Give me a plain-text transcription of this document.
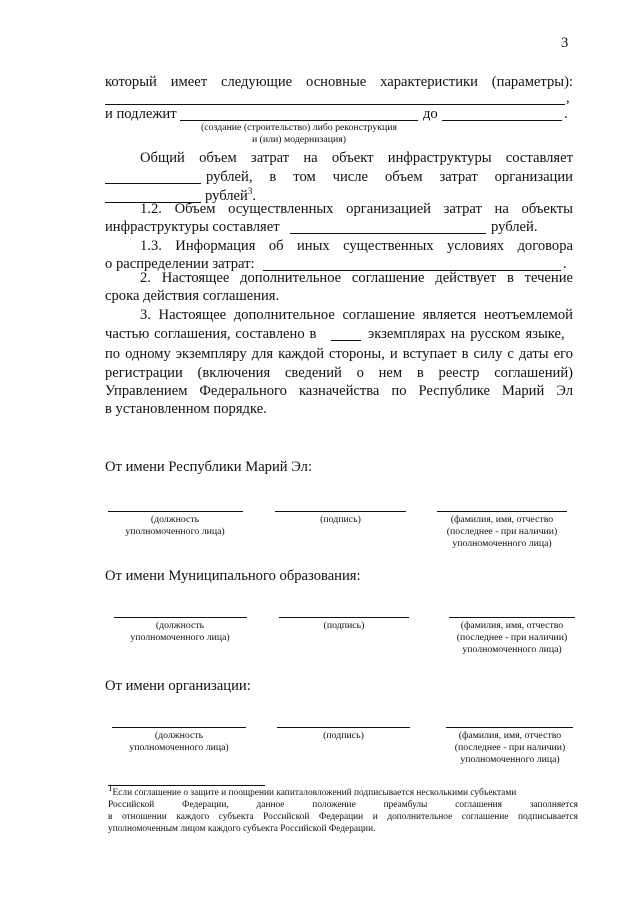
3
который имеет следующие основные характеристики (параметры):
,
и подлежит	до	.
(создание (строительство) либо реконструкция
и (или) модернизация)
Общий объем затрат на объект инфраструктуры составляет
рублей, в том числе объем затрат организации
рублей$^3$.
1.2. Объем осуществленных организацией затрат на объекты
инфраструктуры составляет	рублей.
1.3. Информация об иных существенных условиях договора
о распределении затрат:	.
2. Настоящее дополнительное соглашение действует в течение
срока действия соглашения.
3. Настоящее дополнительное соглашение является неотъемлемой
частью соглашения, составлено в	экземплярах на русском языке,
по одному экземпляру для каждой стороны, и вступает в силу с даты его
регистрации (включения сведений о нем в реестр соглашений)
Управлением Федерального казначейства по Республике Марий Эл
в установленном порядке.
От имени Республики Марий Эл:
(должность
уполномоченного лица)
(подпись)	(фамилия, имя, отчество
(последнее - при наличии)
уполномоченного лица)
От имени Муниципального образования:
(должность
уполномоченного лица)
(подпись)	(фамилия, имя, отчество
(последнее - при наличии)
уполномоченного лица)
От имени организации:
(должность
уполномоченного лица)
(подпись)	(фамилия, имя, отчество
(последнее - при наличии)
уполномоченного лица)
$^1$Если соглашение о защите и поощрении капиталовложений подписывается несколькими субъектами
Российской Федерации, данное положение преамбулы соглашения заполняется
в отношении каждого субъекта Российской Федерации и дополнительное соглашение подписывается
уполномоченным лицом каждого субъекта Российской Федерации.
